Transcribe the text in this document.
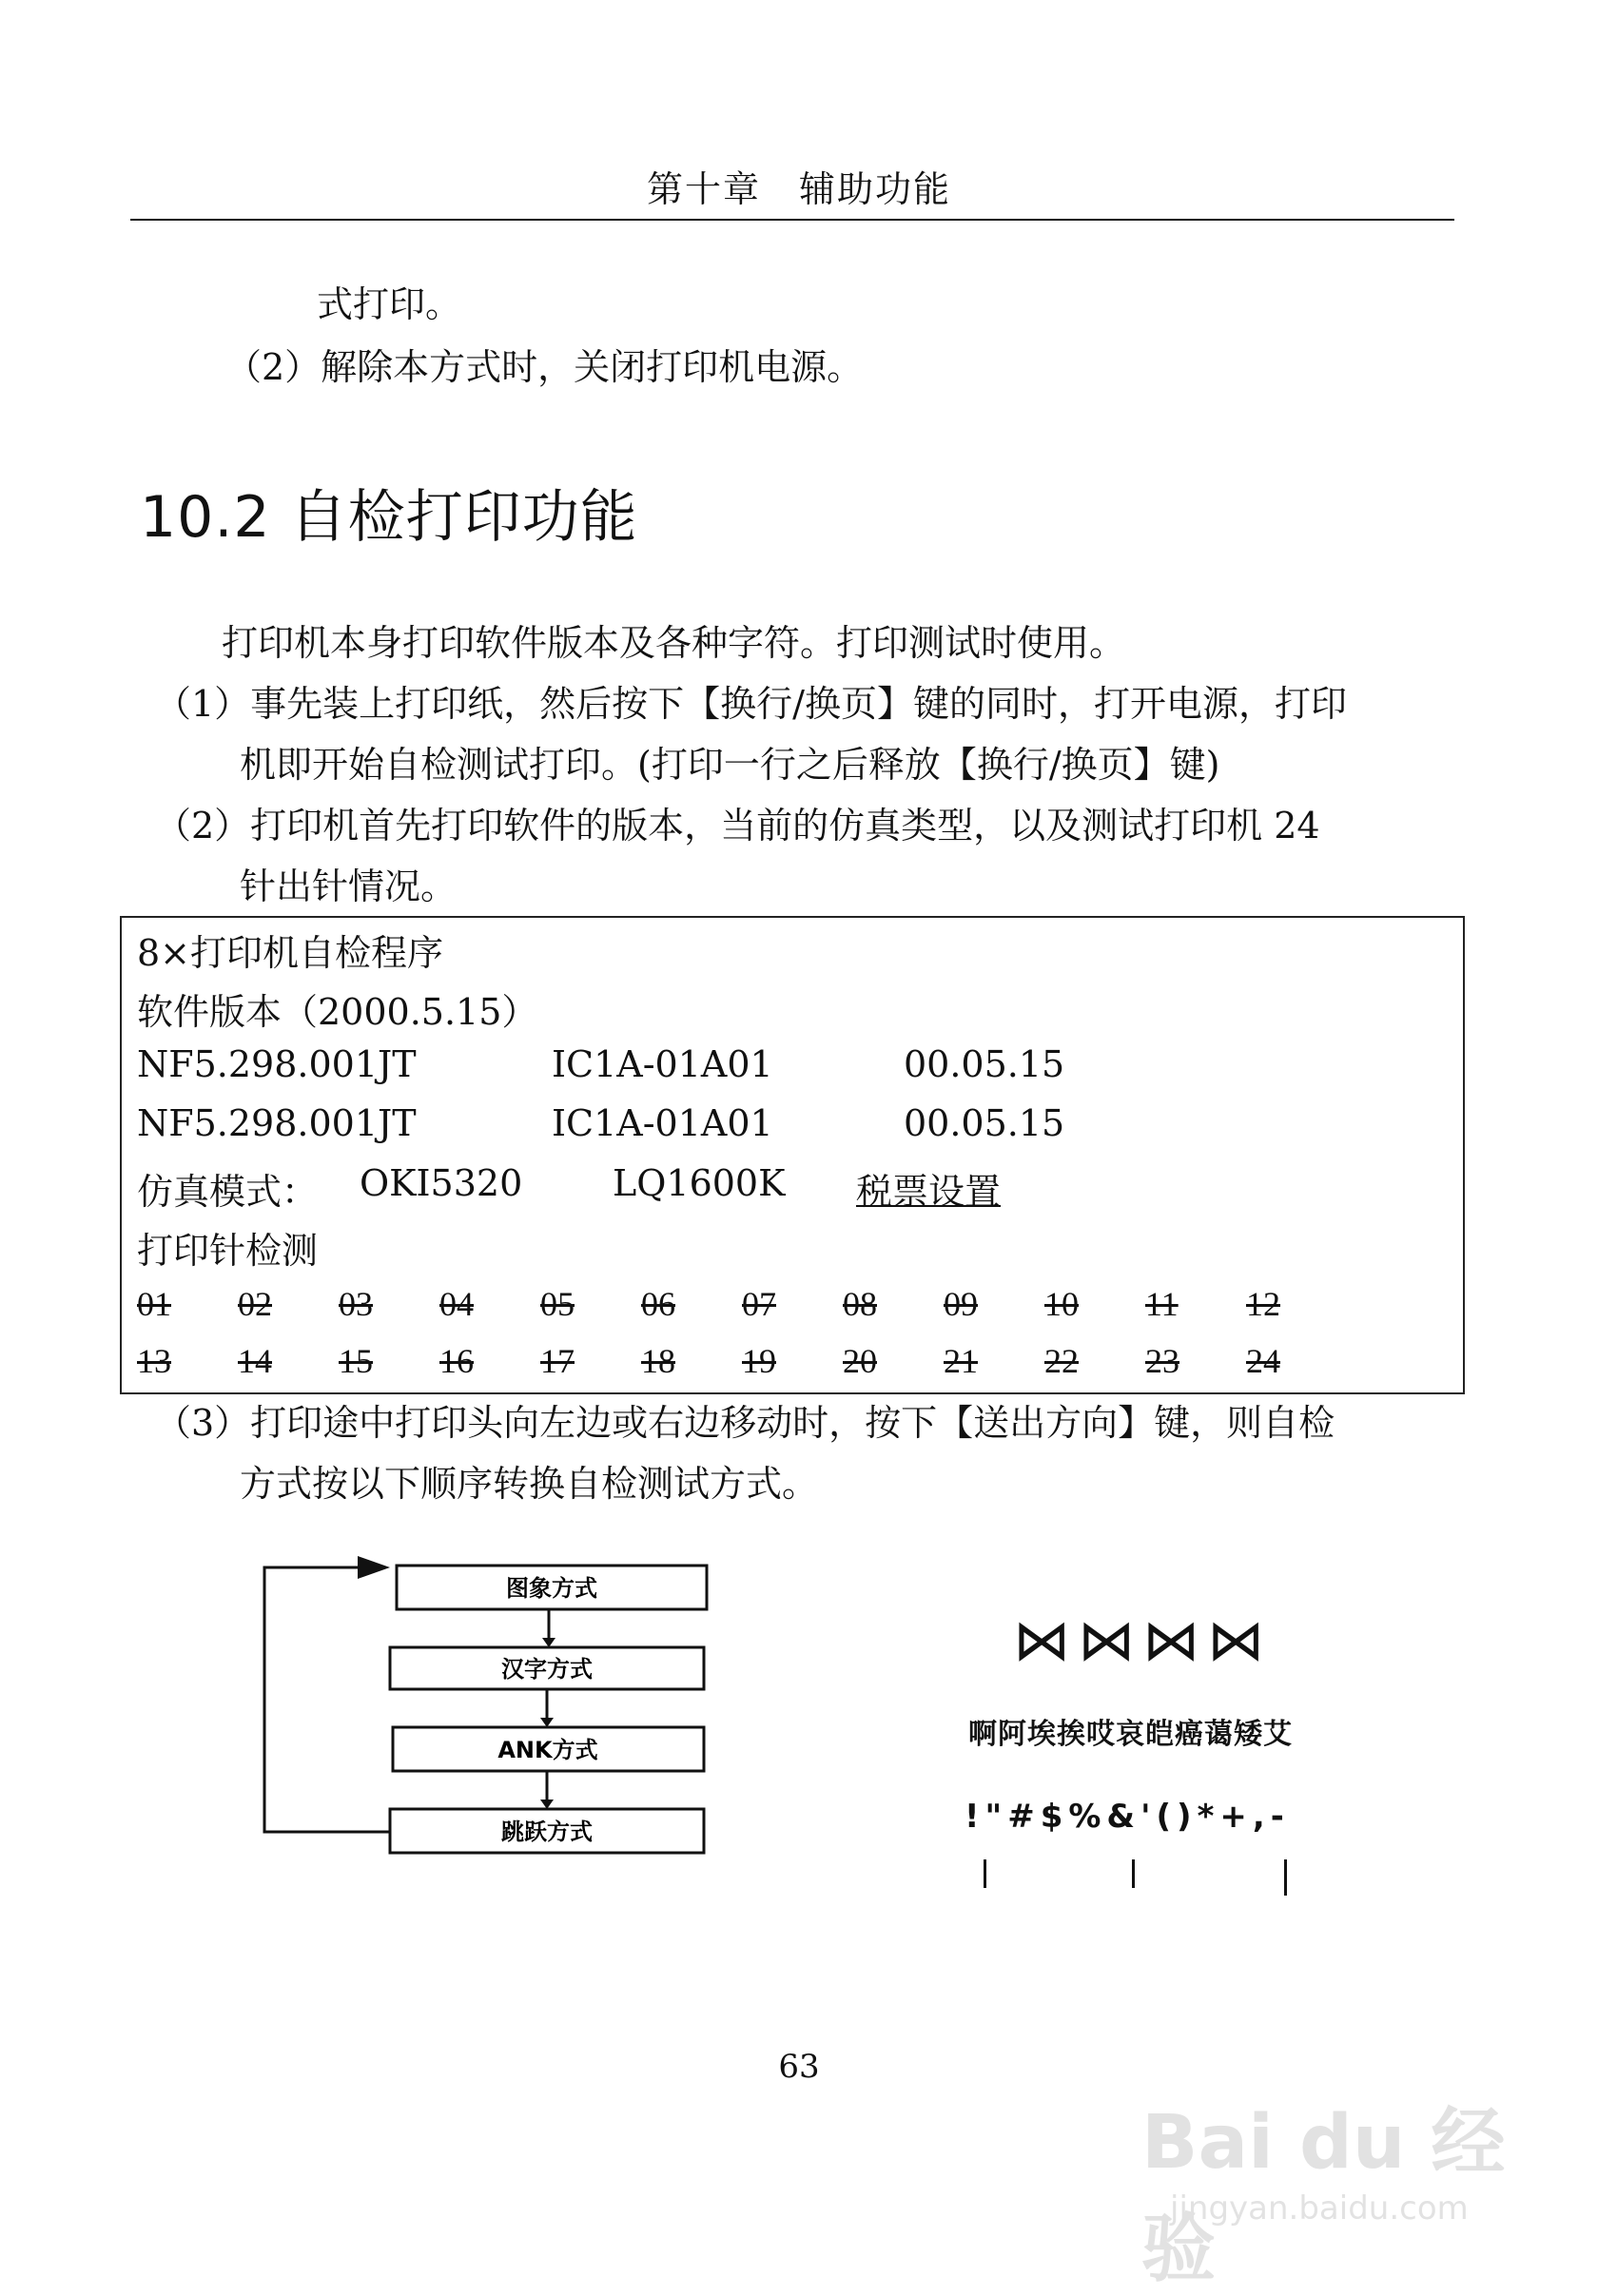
第十章　辅助功能
式打印。
（2）解除本方式时，关闭打印机电源。
10.2 自检打印功能
打印机本身打印软件版本及各种字符。打印测试时使用。
（1）事先装上打印纸，然后按下【换行/换页】键的同时，打开电源，打印
机即开始自检测试打印。(打印一行之后释放【换行/换页】键)
（2）打印机首先打印软件的版本，当前的仿真类型，以及测试打印机 24
针出针情况。
8×打印机自检程序
软件版本（2000.5.15）
NF5.298.001JT	IC1A-01A01	00.05.15
NF5.298.001JT	IC1A-01A01	00.05.15
仿真模式： OKI5320 LQ1600K 税票设置
打印针检测
01 02 03 04 05 06 07 08 09 10 11 12
13 14 15 16 17 18 19 20 21 22 23 24
（3）打印途中打印头向左边或右边移动时，按下【送出方向】键，则自检
方式按以下顺序转换自检测试方式。
图象方式
汉字方式
ANK方式
跳跃方式
⋈⋈⋈⋈
啊阿埃挨哎哀皑癌蔼矮艾
!"#$%&'()*+,-
63
Bai du 经验
jingyan.baidu.com
